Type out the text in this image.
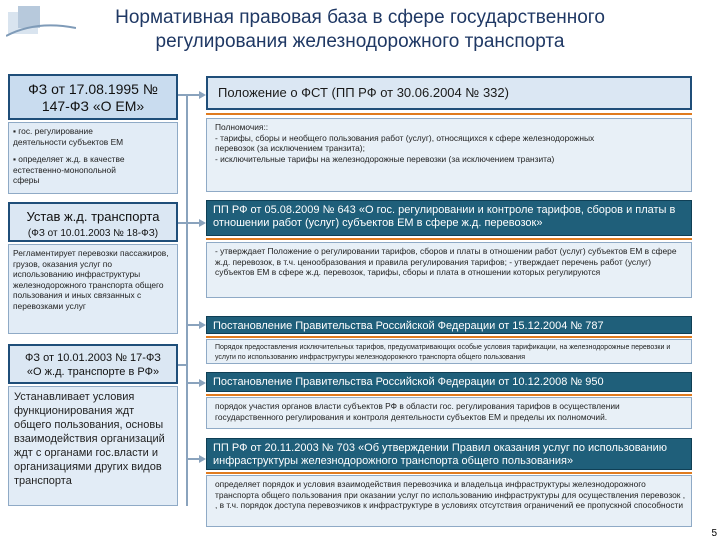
Нормативная правовая база в сфере государственного
регулирования железнодорожного транспорта
ФЗ от 17.08.1995 №
147-ФЗ «О ЕМ»
▪ гос. регулирование
деятельности субъектов ЕМ
▪ определяет ж.д. в качестве
естественно-монопольной
сферы
Устав ж.д. транспорта
(ФЗ от 10.01.2003 № 18-ФЗ)
Регламентирует перевозки пассажиров, грузов, оказания услуг по использованию инфраструктуры железнодорожного транспорта общего пользования и иных связанных с перевозками услуг
ФЗ от 10.01.2003 № 17-ФЗ
«О ж.д. транспорте в РФ»
Устанавливает условия функционирования ждт общего пользования, основы взаимодействия организаций ждт с органами гос.власти и организациями других видов транспорта
Положение о ФСТ (ПП РФ от 30.06.2004 № 332)
Полномочия::
- тарифы, сборы и необщего пользования работ (услуг), относящихся к сфере железнодорожных
перевозок (за исключением транзита);
- исключительные тарифы на железнодорожные перевозки (за исключением транзита)
ПП РФ от 05.08.2009 № 643 «О гос. регулировании и контроле тарифов, сборов и платы в отношении работ (услуг) субъектов ЕМ в сфере ж.д. перевозок»
- утверждает Положение о регулировании тарифов, сборов и платы в отношении работ (услуг) субъектов ЕМ в сфере ж.д. перевозок, в т.ч. ценообразования и правила регулирования тарифов; - утверждает перечень работ (услуг) субъектов ЕМ в сфере ж.д. перевозок, тарифы, сборы и плата в отношении которых регулируются
Постановление Правительства Российской Федерации от 15.12.2004 № 787
Порядок предоставления исключительных тарифов, предусматривающих особые условия тарификации, на железнодорожные перевозки и услуги по использованию инфраструктуры железнодорожного транспорта общего пользования
Постановление Правительства Российской Федерации от 10.12.2008 № 950
порядок участия органов власти субъектов РФ в области гос. регулирования тарифов в осуществлении государственного регулирования и контроля деятельности субъектов ЕМ и пределы их полномочий.
ПП РФ от 20.11.2003 № 703 «Об утверждении Правил оказания услуг по использованию инфраструктуры железнодорожного транспорта общего пользования»
определяет порядок и условия взаимодействия перевозчика и владельца инфраструктуры железнодорожного транспорта общего пользования при оказании услуг по использованию инфраструктуры для осуществления перевозок , , в т.ч. порядок доступа перевозчиков к инфраструктуре в условиях отсутствия ограничений ее пропускной способности
5
